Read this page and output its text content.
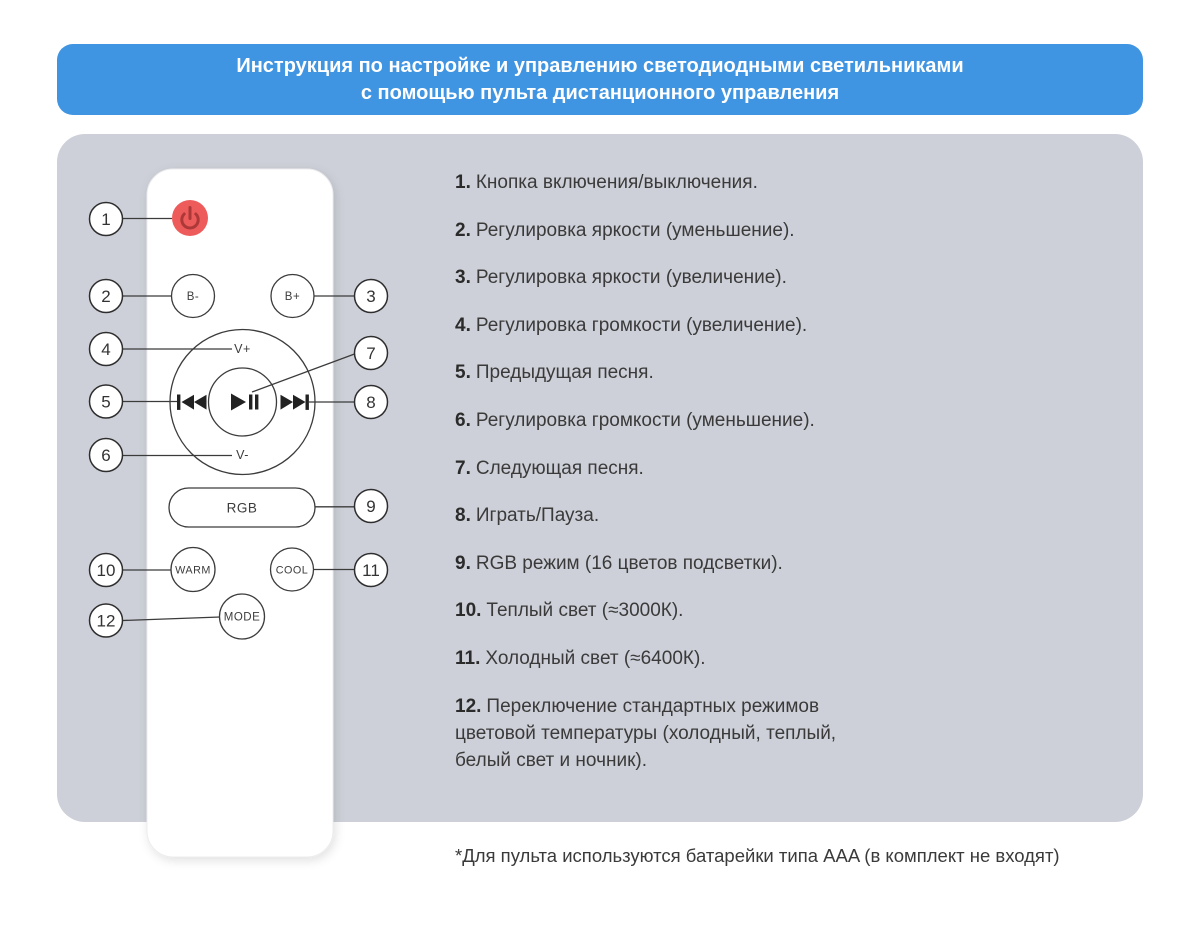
Инструкция по настройке и управлению светодиодными светильниками
с помощью пульта дистанционного управления
B-	B+
V+
V-
RGB
WARM	COOL
MODE
1
2	3
4
5
6
7
8
9
10	11
12
1. Кнопка включения/выключения.
2. Регулировка яркости (уменьшение).
3. Регулировка яркости (увеличение).
4. Регулировка громкости (увеличение).
5. Предыдущая песня.
6. Регулировка громкости (уменьшение).
7. Следующая песня.
8. Играть/Пауза.
9. RGB режим (16 цветов подсветки).
10. Теплый свет (≈3000К).
11. Холодный свет (≈6400К).
12. Переключение стандартных режимов
цветовой температуры (холодный, теплый,
белый свет и ночник).
*Для пульта используются батарейки типа AAA (в комплект не входят)
